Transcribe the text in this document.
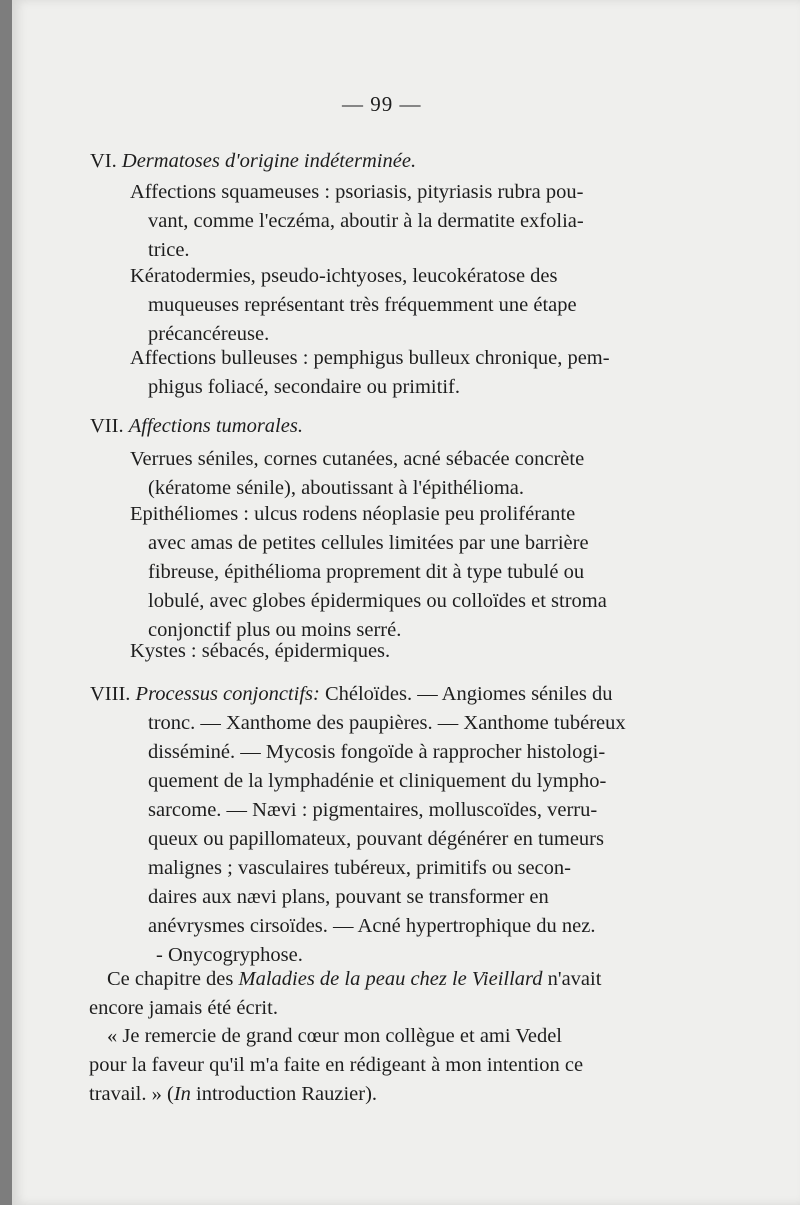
— 99 —
VI. Dermatoses d'origine indéterminée.
Affections squameuses : psoriasis, pityriasis rubra pou-
vant, comme l'eczéma, aboutir à la dermatite exfolia-
trice.
Kératodermies, pseudo-ichtyoses, leucokératose des
muqueuses représentant très fréquemment une étape
précancéreuse.
Affections bulleuses : pemphigus bulleux chronique, pem-
phigus foliacé, secondaire ou primitif.
VII. Affections tumorales.
Verrues séniles, cornes cutanées, acné sébacée concrète
(kératome sénile), aboutissant à l'épithélioma.
Epithéliomes : ulcus rodens néoplasie peu proliférante
avec amas de petites cellules limitées par une barrière
fibreuse, épithélioma proprement dit à type tubulé ou
lobulé, avec globes épidermiques ou colloïdes et stroma
conjonctif plus ou moins serré.
Kystes : sébacés, épidermiques.
VIII. Processus conjonctifs: Chéloïdes. — Angiomes séniles du
tronc. — Xanthome des paupières. — Xanthome tubéreux
disséminé. — Mycosis fongoïde à rapprocher histologi-
quement de la lymphadénie et cliniquement du lympho-
sarcome. — Nævi : pigmentaires, molluscoïdes, verru-
queux ou papillomateux, pouvant dégénérer en tumeurs
malignes ; vasculaires tubéreux, primitifs ou secon-
daires aux nævi plans, pouvant se transformer en
anévrysmes cirsoïdes. — Acné hypertrophique du nez.
- Onycogryphose.
Ce chapitre des Maladies de la peau chez le Vieillard n'avait
encore jamais été écrit.
« Je remercie de grand cœur mon collègue et ami Vedel
pour la faveur qu'il m'a faite en rédigeant à mon intention ce
travail. » (In introduction Rauzier).
